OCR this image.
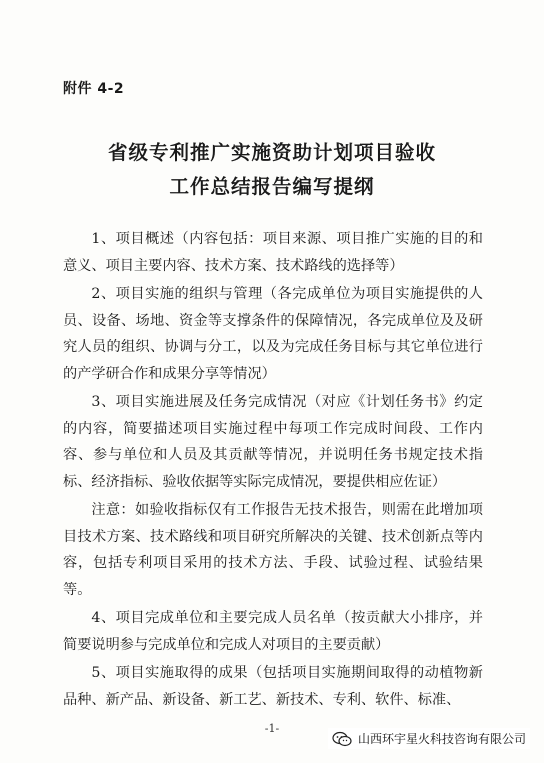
附件 4-2
省级专利推广实施资助计划项目验收
工作总结报告编写提纲

1、项目概述（内容包括：项目来源、项目推广实施的目的和意义、项目主要内容、技术方案、技术路线的选择等）

2、项目实施的组织与管理（各完成单位为项目实施提供的人员、设备、场地、资金等支撑条件的保障情况，各完成单位及及研究人员的组织、协调与分工，以及为完成任务目标与其它单位进行的产学研合作和成果分享等情况）

3、项目实施进展及任务完成情况（对应《计划任务书》约定的内容，简要描述项目实施过程中每项工作完成时间段、工作内容、参与单位和人员及其贡献等情况，并说明任务书规定技术指标、经济指标、验收依据等实际完成情况，要提供相应佐证）

注意：如验收指标仅有工作报告无技术报告，则需在此增加项目技术方案、技术路线和项目研究所解决的关键、技术创新点等内容，包括专利项目采用的技术方法、手段、试验过程、试验结果等。

4、项目完成单位和主要完成人员名单（按贡献大小排序，并简要说明参与完成单位和完成人对项目的主要贡献）

5、项目实施取得的成果（包括项目实施期间取得的动植物新品种、新产品、新设备、新工艺、新技术、专利、软件、标准、

-1-
山西环宇星火科技咨询有限公司
